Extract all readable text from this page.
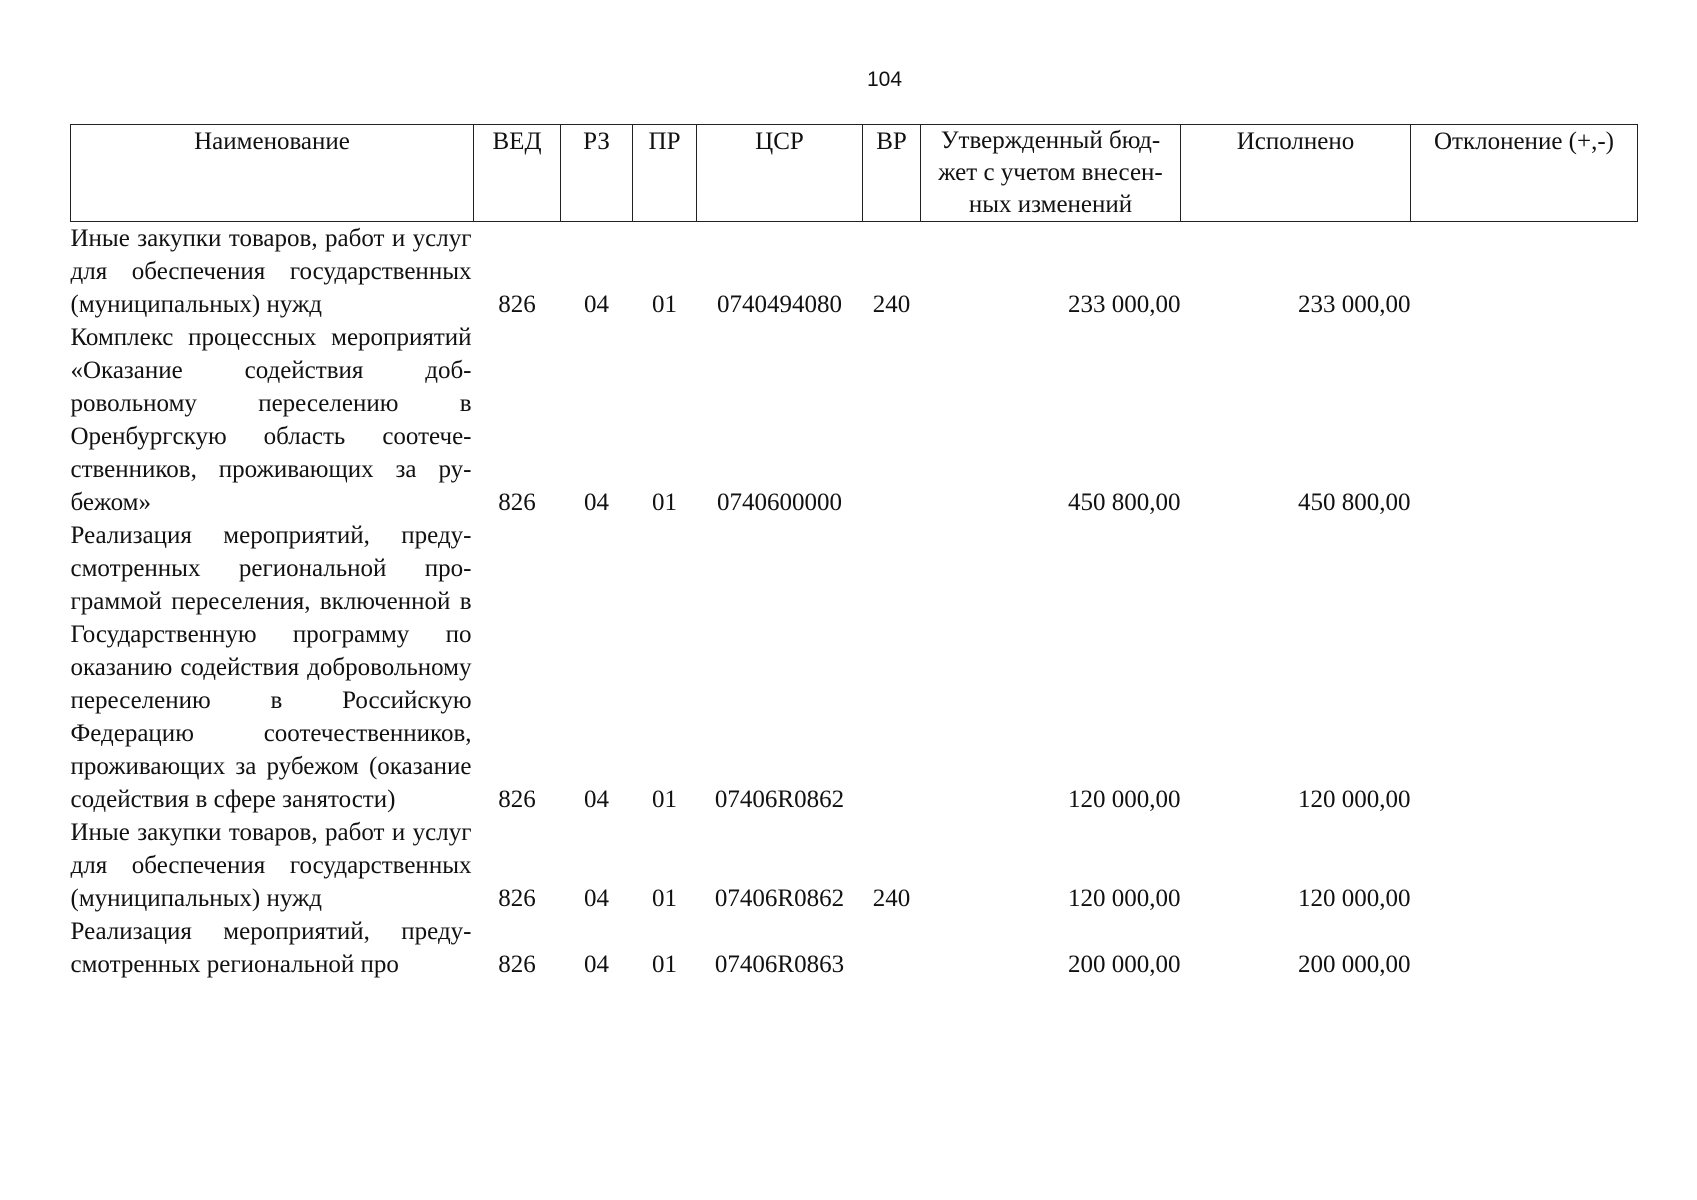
104
Наименование	ВЕД	РЗ	ПР	ЦСР	ВР	Утвержденный бюд-жет с учетом внесен-ных изменений	Исполнено	Отклонение (+,-)
Иные закупки товаров, работ и услуг для обеспечения государственных (муниципальных) нужд	826	04	01	0740494080	240	233 000,00	233 000,00	
Комплекс процессных мероприятий «Оказание содействия добровольному переселению в Оренбургскую область соотечественников, проживающих за рубежом»	826	04	01	0740600000		450 800,00	450 800,00	
Реализация мероприятий, предусмотренных региональной программой переселения, включенной в Государственную программу по оказанию содействия добровольному переселению в Российскую Федерацию соотечественников, проживающих за рубежом (оказание содействия в сфере занятости)	826	04	01	07406R0862		120 000,00	120 000,00	
Иные закупки товаров, работ и услуг для обеспечения государственных (муниципальных) нужд	826	04	01	07406R0862	240	120 000,00	120 000,00	
Реализация мероприятий, предусмотренных региональной про	826	04	01	07406R0863		200 000,00	200 000,00	
